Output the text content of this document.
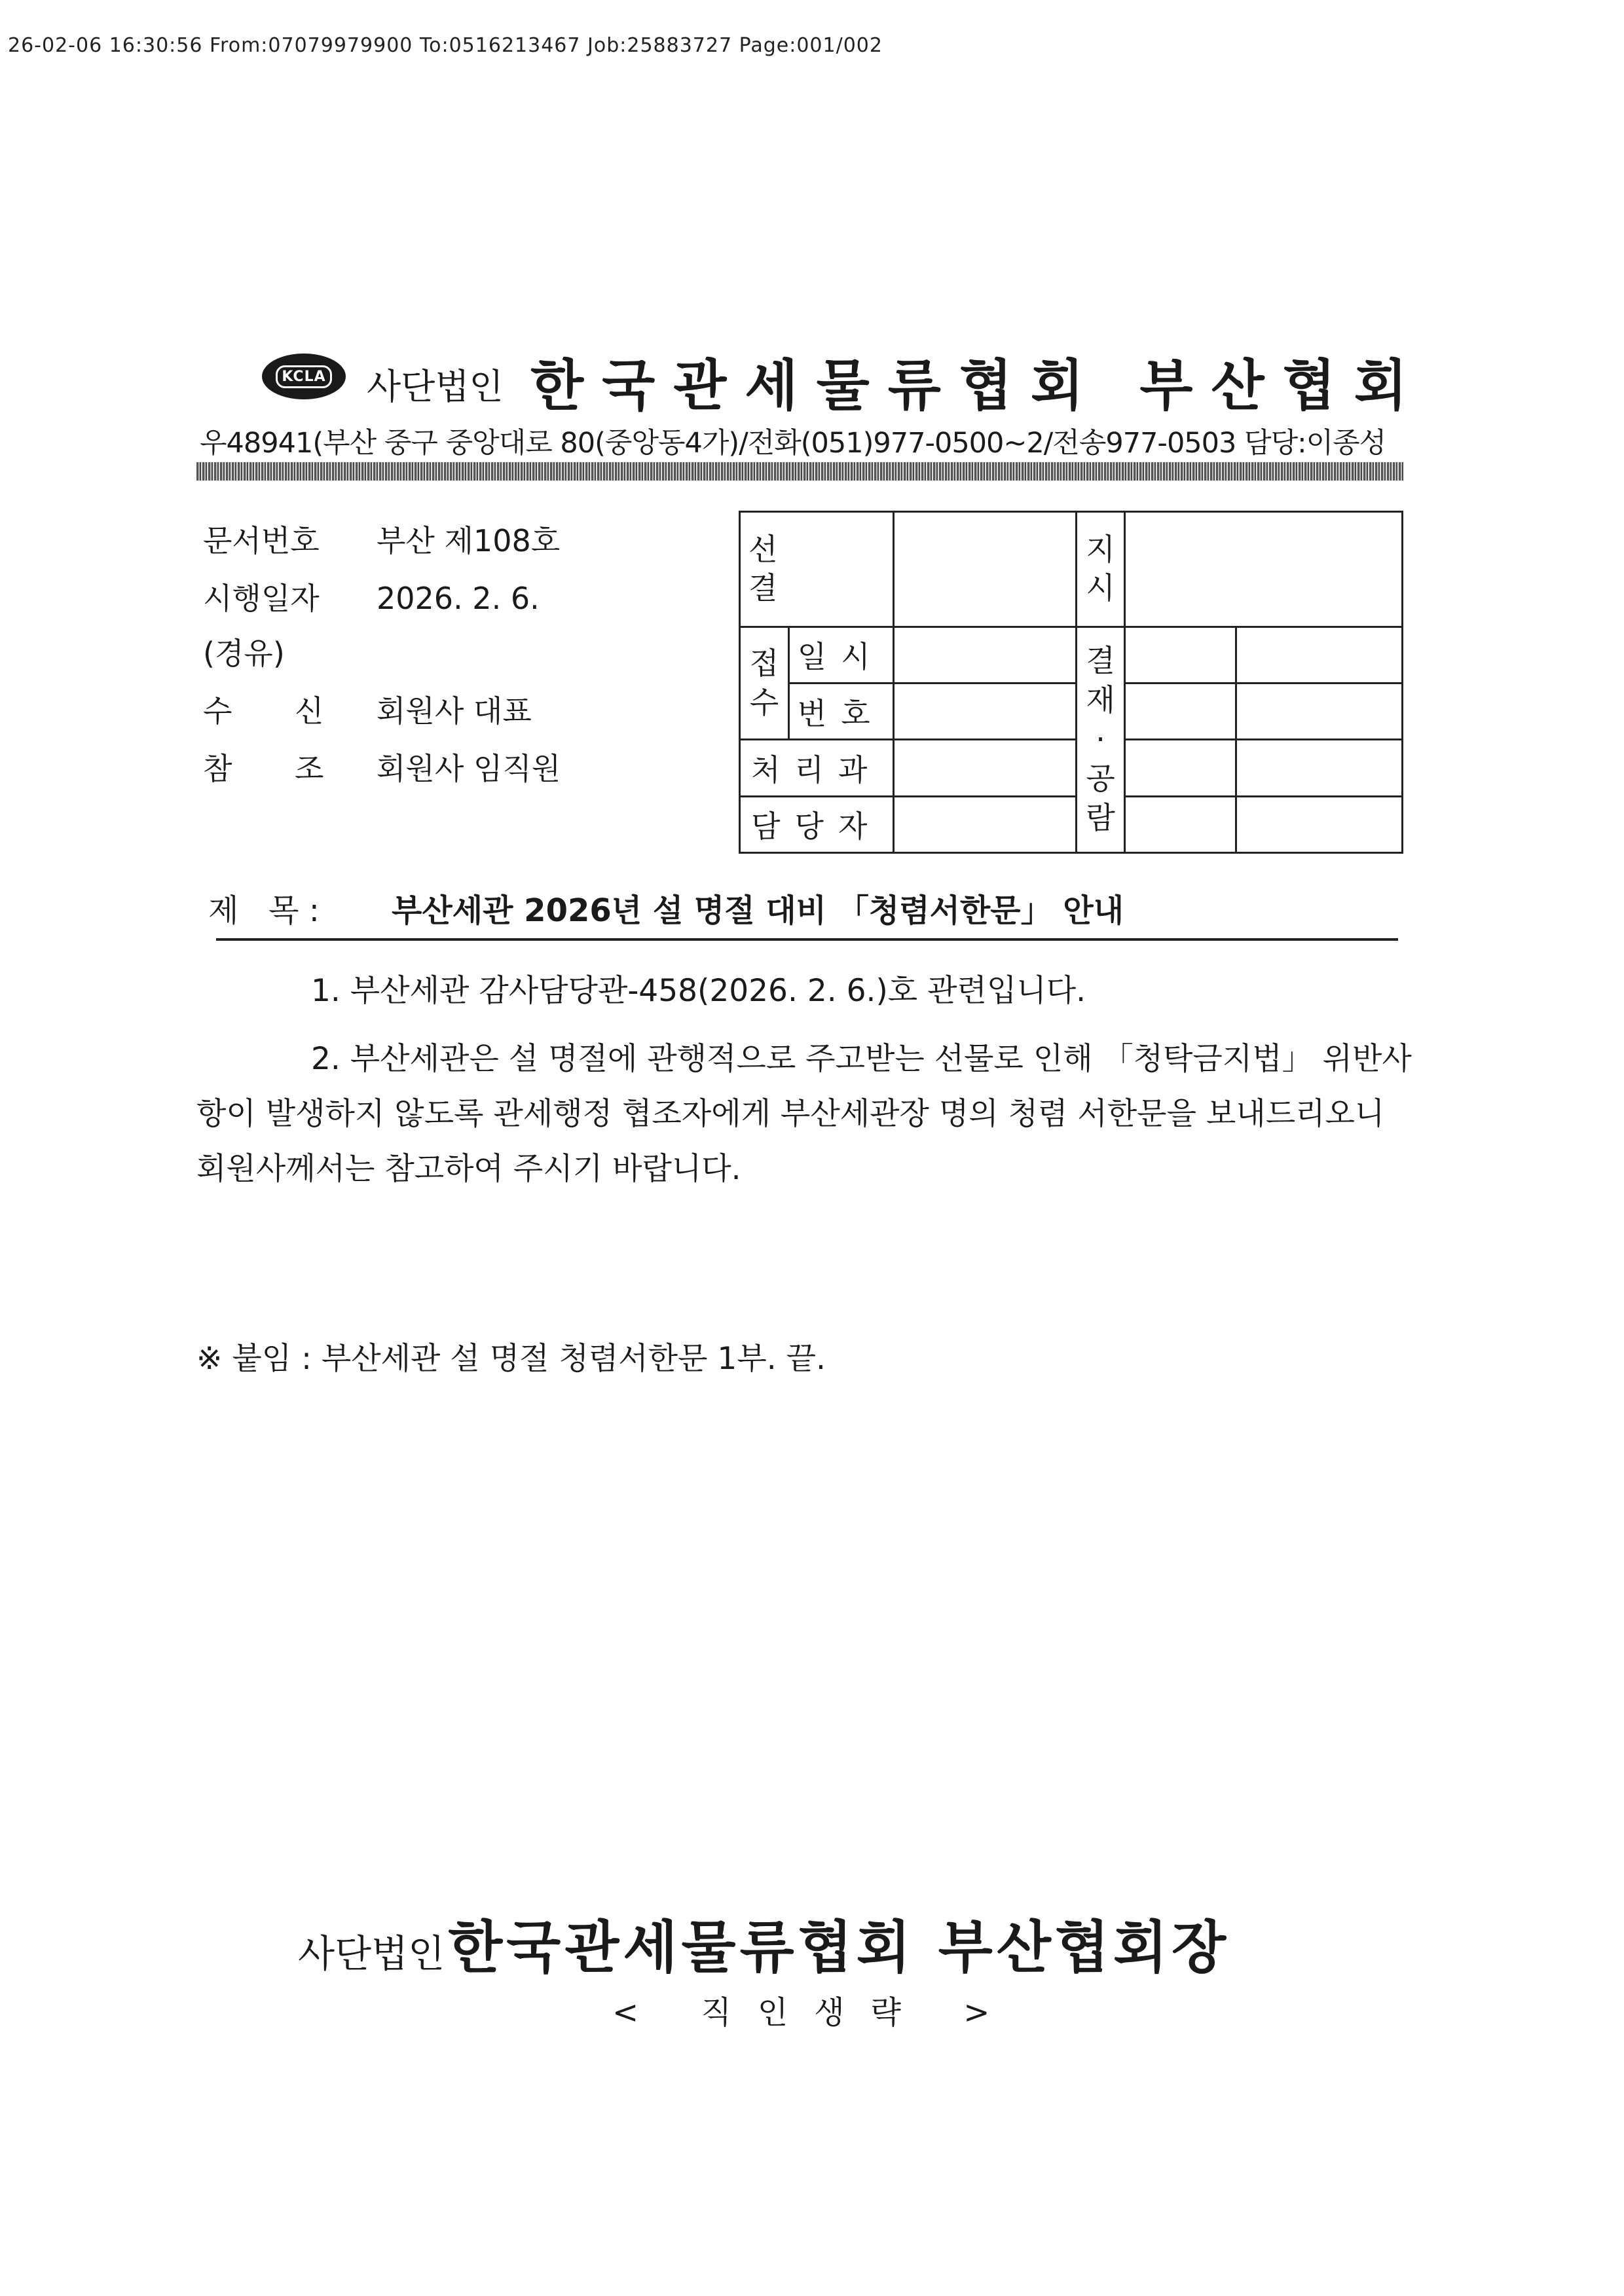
26-02-06 16:30:56 From:07079979900 To:0516213467 Job:25883727 Page:001/002
KCLA 사단법인 한국관세물류협회 부산협회
우48941(부산 중구 중앙대로 80(중앙동4가)/전화(051)977-0500~2/전송977-0503 담당:이종성
문서번호 부산 제108호
시행일자 2026. 2. 6.
(경유)
수 신 회원사 대표
참 조 회원사 임직원
선결			지시		
접수	일시		결재·공람		
	번호				
처리과					
담당자					
제   목 : 부산세관 2026년 설 명절 대비 「청렴서한문」 안내
1. 부산세관 감사담당관-458(2026. 2. 6.)호 관련입니다.
2. 부산세관은 설 명절에 관행적으로 주고받는 선물로 인해 「청탁금지법」 위반사항이 발생하지 않도록 관세행정 협조자에게 부산세관장 명의 청렴 서한문을 보내드리오니 회원사께서는 참고하여 주시기 바랍니다.
※ 붙임 : 부산세관 설 명절 청렴서한문 1부. 끝.
사단법인 한국관세물류협회 부산협회장
< 직인생략 >
